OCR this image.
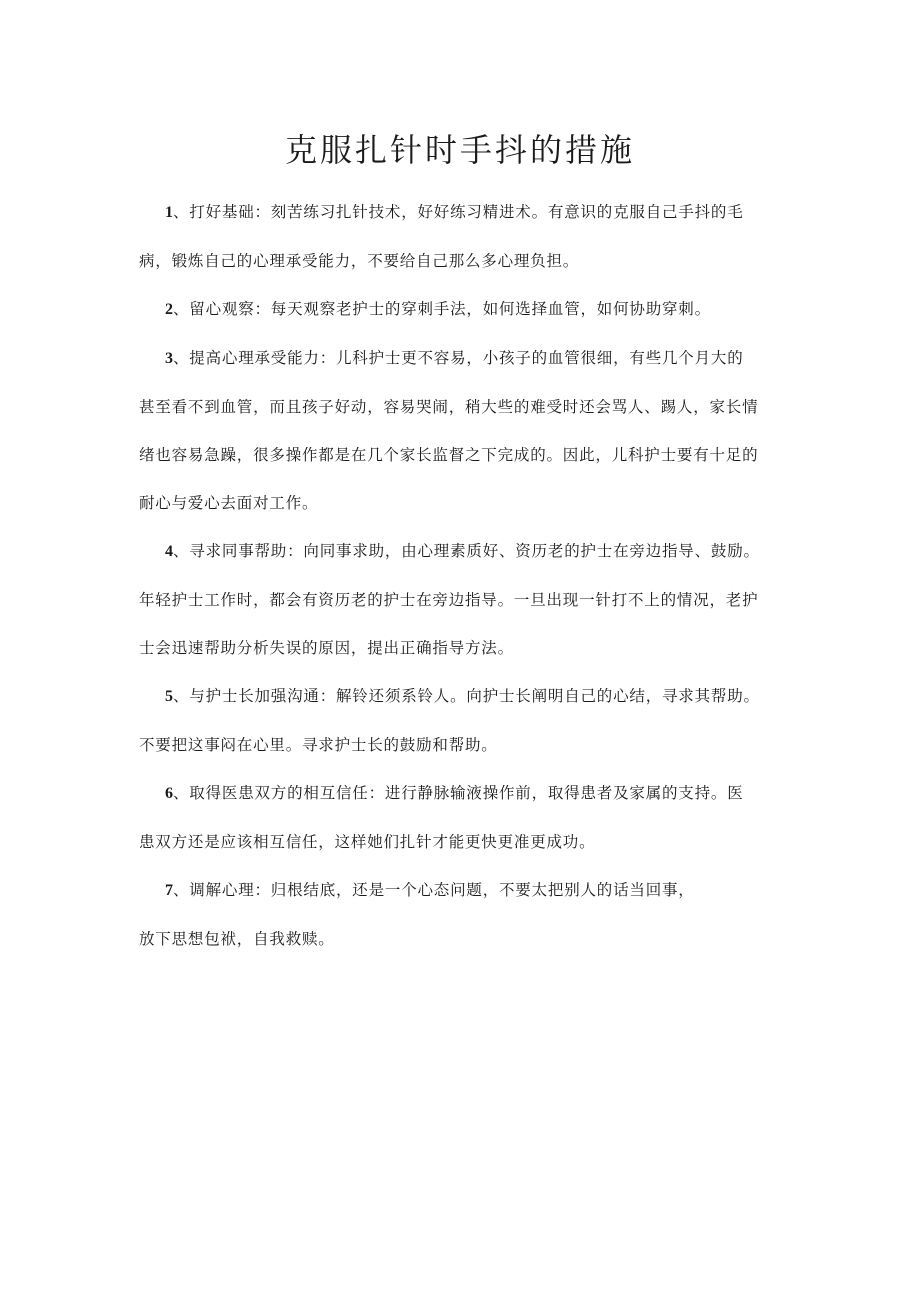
克服扎针时手抖的措施

1、打好基础：刻苦练习扎针技术，好好练习精进术。有意识的克服自己手抖的毛
病，锻炼自己的心理承受能力，不要给自己那么多心理负担。

2、留心观察：每天观察老护士的穿刺手法，如何选择血管，如何协助穿刺。

3、提高心理承受能力：儿科护士更不容易，小孩子的血管很细，有些几个月大的
甚至看不到血管，而且孩子好动，容易哭闹，稍大些的难受时还会骂人、踢人，家长情
绪也容易急躁，很多操作都是在几个家长监督之下完成的。因此，儿科护士要有十足的
耐心与爱心去面对工作。

4、寻求同事帮助：向同事求助，由心理素质好、资历老的护士在旁边指导、鼓励。
年轻护士工作时，都会有资历老的护士在旁边指导。一旦出现一针打不上的情况，老护
士会迅速帮助分析失误的原因，提出正确指导方法。

5、与护士长加强沟通：解铃还须系铃人。向护士长阐明自己的心结，寻求其帮助。
不要把这事闷在心里。寻求护士长的鼓励和帮助。

6、取得医患双方的相互信任：进行静脉输液操作前，取得患者及家属的支持。医
患双方还是应该相互信任，这样她们扎针才能更快更准更成功。

7、调解心理：归根结底，还是一个心态问题，不要太把别人的话当回事，
放下思想包袱，自我救赎。
